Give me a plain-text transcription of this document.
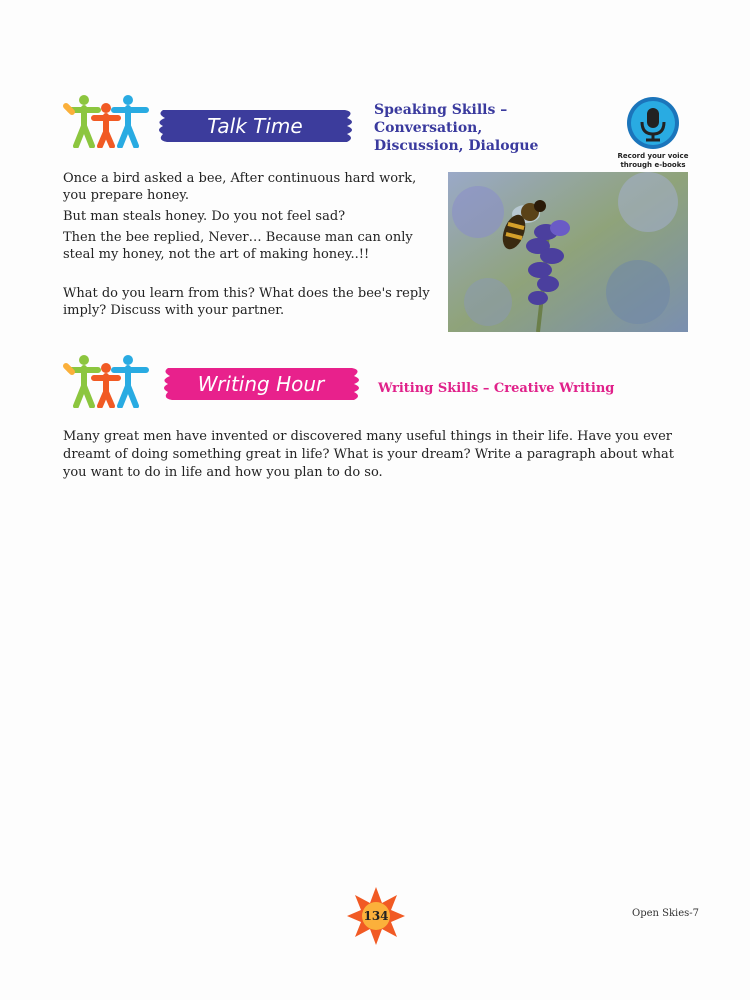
Talk Time
Speaking Skills –
Conversation,
Discussion, Dialogue
Record your voice
through e-books

Once a bird asked a bee, After continuous hard work, you prepare honey.

But man steals honey. Do you not feel sad?

Then the bee replied, Never… Because man can only steal my honey, not the art of making honey..!!

What do you learn from this? What does the bee's reply imply? Discuss with your partner.

Writing Hour	Writing Skills – Creative Writing

Many great men have invented or discovered many useful things in their life. Have you ever dreamt of doing something great in life? What is your dream? Write a paragraph about what you want to do in life and how you plan to do so.

134	Open Skies-7
